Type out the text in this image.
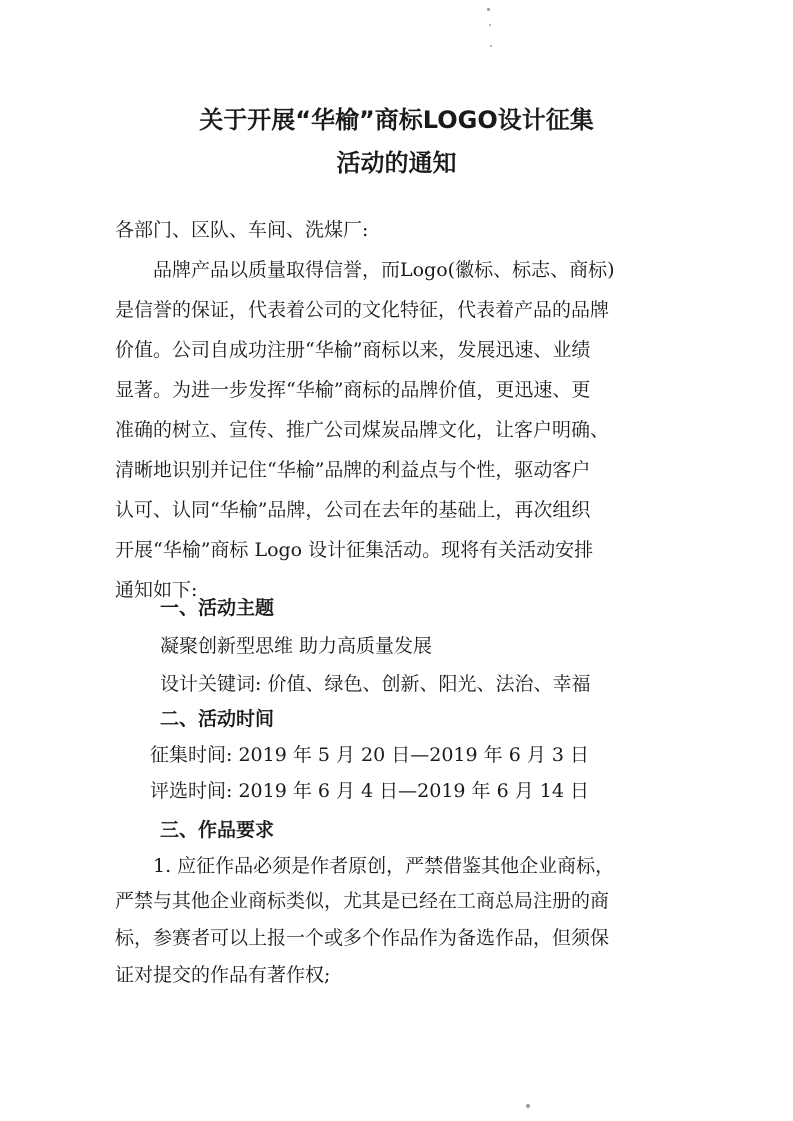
关于开展“华榆”商标LOGO设计征集
活动的通知
各部门、区队、车间、洗煤厂:
品牌产品以质量取得信誉，而Logo(徽标、标志、商标)
是信誉的保证，代表着公司的文化特征，代表着产品的品牌
价值。公司自成功注册“华榆”商标以来，发展迅速、业绩
显著。为进一步发挥“华榆”商标的品牌价值，更迅速、更
准确的树立、宣传、推广公司煤炭品牌文化，让客户明确、
清晰地识别并记住“华榆”品牌的利益点与个性，驱动客户
认可、认同“华榆”品牌，公司在去年的基础上，再次组织
开展“华榆”商标 Logo 设计征集活动。现将有关活动安排
通知如下:
一、活动主题
凝聚创新型思维 助力高质量发展
设计关键词: 价值、绿色、创新、阳光、法治、幸福
二、活动时间
征集时间: 2019 年 5 月 20 日—2019 年 6 月 3 日
评选时间: 2019 年 6 月 4 日—2019 年 6 月 14 日
三、作品要求
1. 应征作品必须是作者原创，严禁借鉴其他企业商标，
严禁与其他企业商标类似，尤其是已经在工商总局注册的商
标，参赛者可以上报一个或多个作品作为备选作品，但须保
证对提交的作品有著作权;
